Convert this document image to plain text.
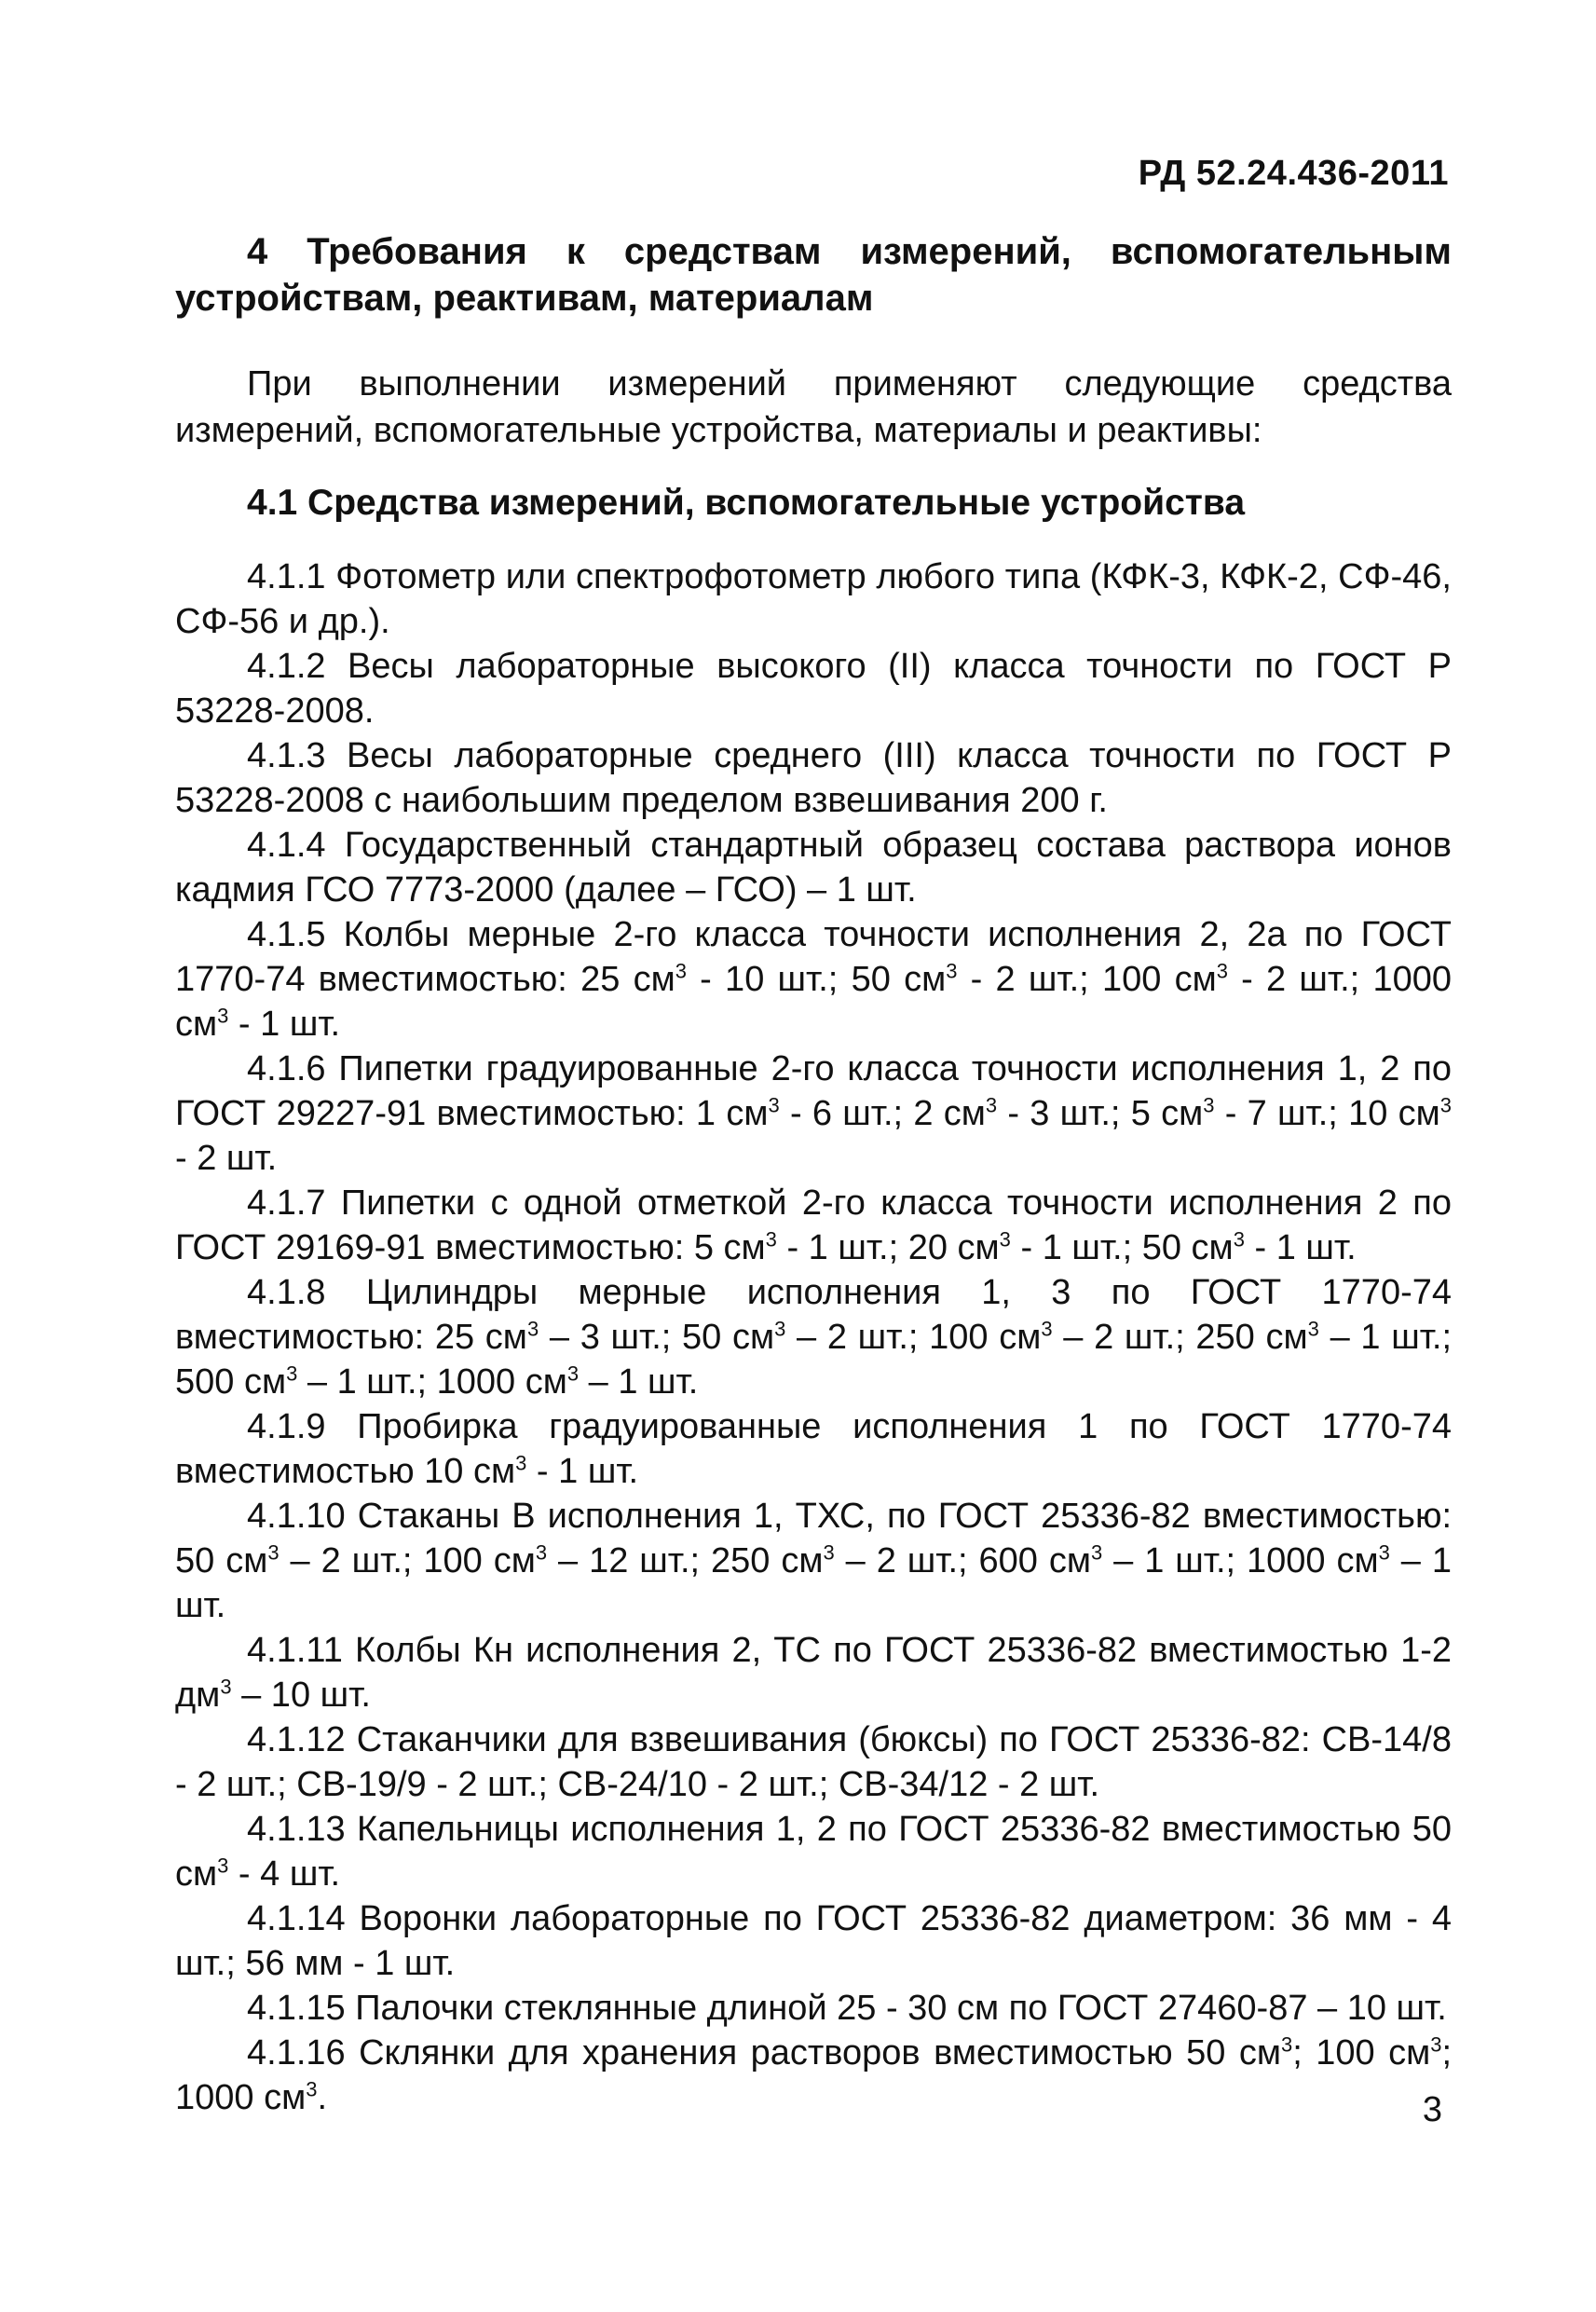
РД 52.24.436-2011
4 Требования к средствам измерений, вспомогательным устройствам, реактивам, материалам

При выполнении измерений применяют следующие средства измерений, вспомогательные устройства, материалы и реактивы:

4.1 Средства измерений, вспомогательные устройства

4.1.1 Фотометр или спектрофотометр любого типа (КФК-3, КФК-2, СФ-46, СФ-56 и др.).

4.1.2 Весы лабораторные высокого (II) класса точности по ГОСТ Р 53228-2008.

4.1.3 Весы лабораторные среднего (III) класса точности по ГОСТ Р 53228-2008 с наибольшим пределом взвешивания 200 г.

4.1.4 Государственный стандартный образец состава раствора ионов кадмия ГСО 7773-2000 (далее – ГСО) – 1 шт.

4.1.5 Колбы мерные 2-го класса точности исполнения 2, 2а по ГОСТ 1770-74 вместимостью: 25 $см^3 - 10$ шт.; 50 $см^3 - 2$ шт.; 100 $см^3 - 2$ шт.; 1000 $см^3 - 1$ шт.

4.1.6 Пипетки градуированные 2-го класса точности исполнения 1, 2 по ГОСТ 29227-91 вместимостью: 1 $см^3 - 6$ шт.; 2 $см^3 - 3$ шт.; 5 $см^3 - 7$ шт.; 10 $см^3 - 2$ шт.

4.1.7 Пипетки с одной отметкой 2-го класса точности исполнения 2 по ГОСТ 29169-91 вместимостью: 5 $см^3 - 1$ шт.; 20 $см^3 - 1$ шт.; 50 $см^3 - 1$ шт.

4.1.8 Цилиндры мерные исполнения 1, 3 по ГОСТ 1770-74 вместимостью: 25 $см^3 - 3$ шт.; 50 $см^3 - 2$ шт.; 100 $см^3 - 2$ шт.; 250 $см^3 - 1$ шт.; 500 $см^3 - 1$ шт.; 1000 $см^3 - 1$ шт.

4.1.9 Пробирка градуированные исполнения 1 по ГОСТ 1770-74 вместимостью 10 $см^3 - 1$ шт.

4.1.10 Стаканы В исполнения 1, ТХС, по ГОСТ 25336-82 вместимостью: 50 $см^3 - 2$ шт.; 100 $см^3 - 12$ шт.; 250 $см^3 - 2$ шт.; 600 $см^3 - 1$ шт.; 1000 $см^3 - 1$ шт.

4.1.11 Колбы Кн исполнения 2, ТС по ГОСТ 25336-82 вместимостью 1-2 $дм^3 - 10$ шт.

4.1.12 Стаканчики для взвешивания (бюксы) по ГОСТ 25336-82: СВ-14/8 - 2 шт.; СВ-19/9 - 2 шт.; СВ-24/10 - 2 шт.; СВ-34/12 - 2 шт.

4.1.13 Капельницы исполнения 1, 2 по ГОСТ 25336-82 вместимостью 50 $см^3 - 4$ шт.

4.1.14 Воронки лабораторные по ГОСТ 25336-82 диаметром: 36 мм - 4 шт.; 56 мм - 1 шт.

4.1.15 Палочки стеклянные длиной 25 - 30 см по ГОСТ 27460-87 – 10 шт.

4.1.16 Склянки для хранения растворов вместимостью 50 $см^3$; 100 $см^3$; 1000 $см^3$.	3
